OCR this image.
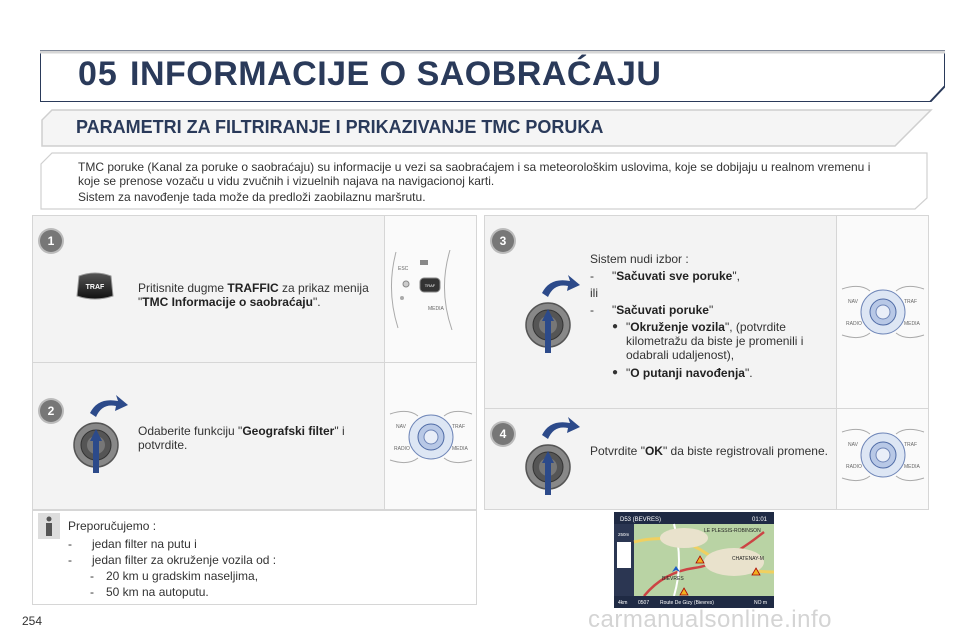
05 INFORMACIJE O SAOBRAĆAJU
PARAMETRI ZA FILTRIRANJE I PRIKAZIVANJE TMC PORUKA
TMC poruke (Kanal za poruke o saobraćaju) su informacije u vezi sa saobraćajem i sa meteorološkim uslovima, koje se dobijaju u realnom vremenu i koje se prenose vozaču u vidu zvučnih i vizuelnih najava na navigacionoj karti.
Sistem za navođenje tada može da predloži zaobilaznu maršrutu.
1
2
3
4
TRAF	Pritisnite dugme TRAFFIC za prikaz menija "TMC Informacije o saobraćaju".
ESC
TRAF
MEDIA
Odaberite funkciju "Geografski filter" i potvrdite.
NAV	TRAF
RADIO	MEDIA
Sistem nudi izbor :
- "Sačuvati sve poruke",
ili
- "Sačuvati poruke"
● "Okruženje vozila", (potvrdite kilometražu da biste je promenili i odabrali udaljenost),
● "O putanji navođenja".
NAV	TRAF
RADIO	MEDIA
Potvrdite "OK" da biste registrovali promene.	NAV	TRAF
RADIO	MEDIA
Preporučujemo :
- jedan filter na putu i
- jedan filter za okruženje vozila od :
- 20 km u gradskim naseljima,
- 50 km na autoputu.
D53 (BEVRES)	01:01
250m
LE PLESSIS-ROBINSON
CHATENAY-M
BIEVRES
4km 0507 Route De Gizy (Bievres)	NO m
254	carmanualsonline.info
